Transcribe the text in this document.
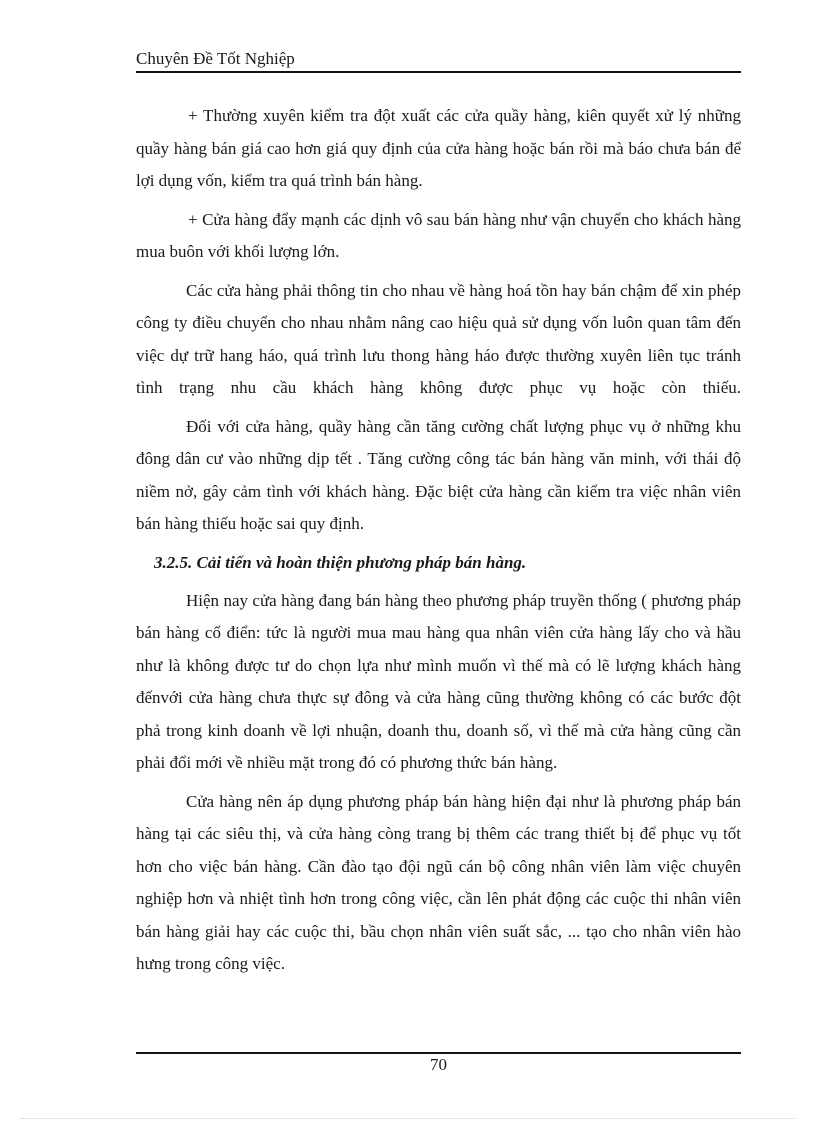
Chuyên Đề Tốt Nghiệp

+ Thường xuyên kiểm tra đột xuất các cửa quầy hàng, kiên quyết xử lý những quầy hàng bán giá cao hơn giá quy định của cửa hàng hoặc bán rồi mà báo chưa bán để lợi dụng vốn, kiểm tra quá trình bán hàng.

+ Cửa hàng đẩy mạnh các dịnh vô sau bán hàng như vận chuyển cho khách hàng mua buôn với khối lượng lớn.

Các cửa hàng phải thông tin cho nhau về hàng hoá tồn hay bán chậm để xin phép công ty điều chuyển cho nhau nhằm nâng cao hiệu quả sử dụng vốn luôn quan tâm đến việc dự trữ hang háo, quá trình lưu thong hàng háo được thường xuyên liên tục tránh tình trạng nhu cầu khách hàng không được phục vụ hoặc còn thiếu.

Đối với cửa hàng, quầy hàng cần tăng cường chất lượng phục vụ ở những khu đông dân cư vào những dịp tết . Tăng cường công tác bán hàng văn minh, với thái độ niềm nở, gây cảm tình với khách hàng. Đặc biệt cửa hàng cần kiểm tra việc nhân viên bán hàng thiếu hoặc sai quy định.

3.2.5. Cải tiến và hoàn thiện phương pháp bán hàng.

Hiện nay cửa hàng đang bán hàng theo phương pháp truyền thống ( phương pháp bán hàng cổ điển: tức là người mua mau hàng qua nhân viên cửa hàng lấy cho và hầu như là không được tư do chọn lựa như mình muốn vì thế mà có lẽ lượng khách hàng đếnvới cửa hàng chưa thực sự đông và cửa hàng cũng thường không có các bước đột phả trong kinh doanh về lợi nhuận, doanh thu, doanh số, vì thế mà cửa hàng cũng cần phải đổi mới về nhiều mặt trong đó có phương thức bán hàng.

Cửa hàng nên áp dụng phương pháp bán hàng hiện đại như là phương pháp bán hàng tại các siêu thị, và cửa hàng còng trang bị thêm các trang thiết bị để phục vụ tốt hơn cho việc bán hàng. Cần đào tạo đội ngũ cán bộ công nhân viên làm việc chuyên nghiệp hơn và nhiệt tình hơn trong công việc, cần lên phát động các cuộc thi nhân viên bán hàng giải hay các cuộc thi, bầu chọn nhân viên suất sắc, ... tạo cho nhân viên hào hưng trong công việc.

70
